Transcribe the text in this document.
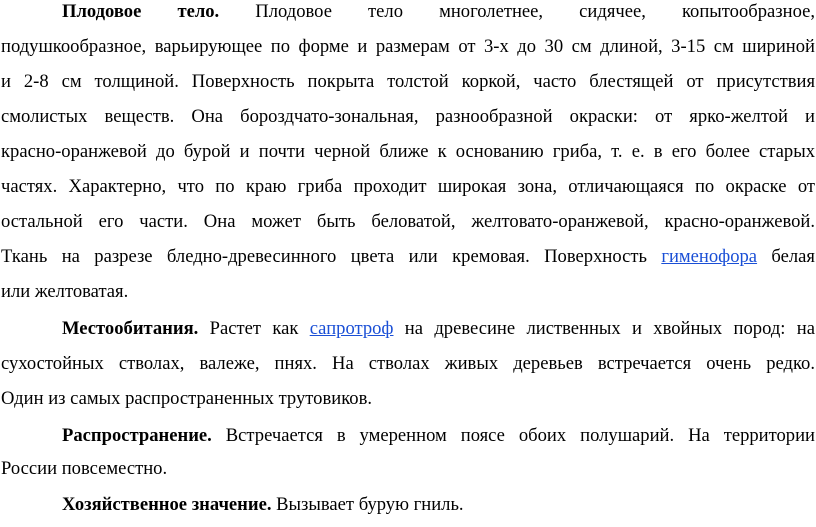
Плодовое тело. Плодовое тело многолетнее, сидячее, копытообразное,
подушкообразное, варьирующее по форме и размерам от 3-х до 30 см длиной, 3-15 см шириной
и 2-8 см толщиной. Поверхность покрыта толстой коркой, часто блестящей от присутствия
смолистых веществ. Она бороздчато-зональная, разнообразной окраски: от ярко-желтой и
красно-оранжевой до бурой и почти черной ближе к основанию гриба, т. е. в его более старых
частях. Характерно, что по краю гриба проходит широкая зона, отличающаяся по окраске от
остальной его части. Она может быть беловатой, желтовато-оранжевой, красно-оранжевой.
Ткань на разрезе бледно-древесинного цвета или кремовая. Поверхность гименофора белая
или желтоватая.
Местообитания. Растет как сапротроф на древесине лиственных и хвойных пород: на
сухостойных стволах, валеже, пнях. На стволах живых деревьев встречается очень редко.
Один из самых распространенных трутовиков.
Распространение. Встречается в умеренном поясе обоих полушарий. На территории
России повсеместно.
Хозяйственное значение. Вызывает бурую гниль.
